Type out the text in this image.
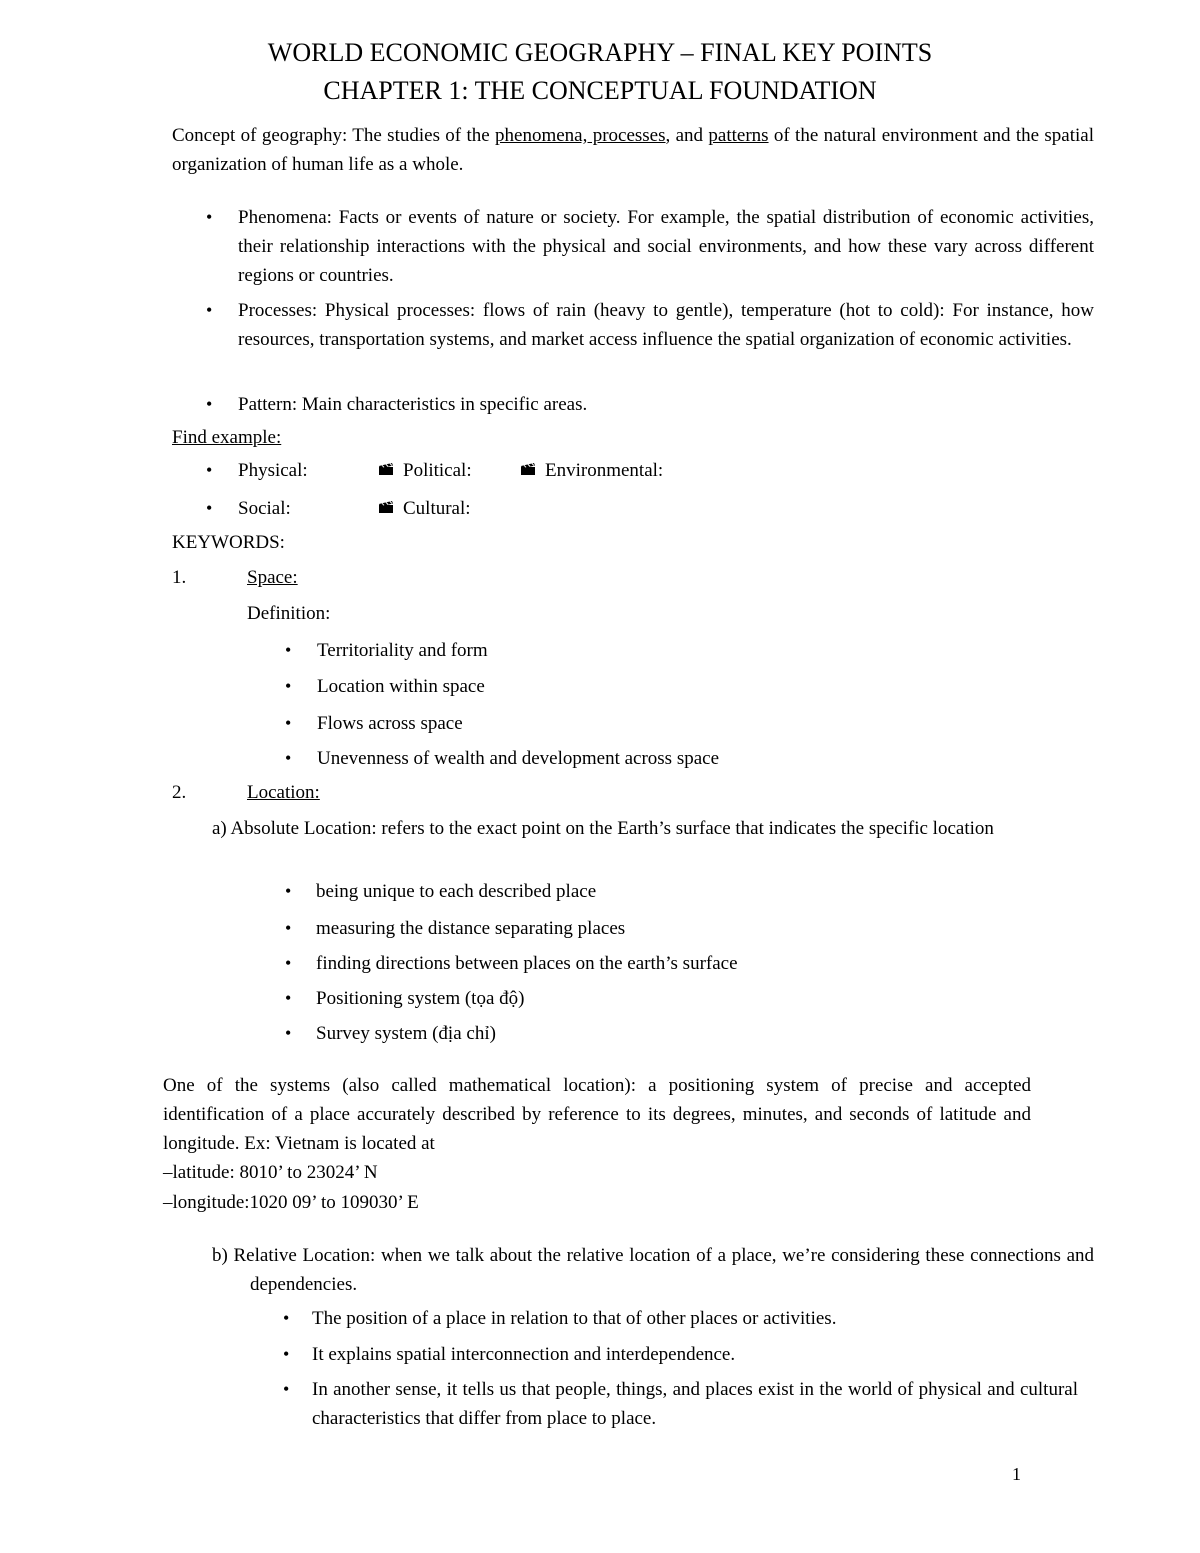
WORLD ECONOMIC GEOGRAPHY – FINAL KEY POINTS
CHAPTER 1: THE CONCEPTUAL FOUNDATION

Concept of geography: The studies of the phenomena, processes, and patterns of the natural environment and the spatial organization of human life as a whole.

• Phenomena: Facts or events of nature or society. For example, the spatial distribution of economic activities, their relationship interactions with the physical and social environments, and how these vary across different regions or countries.

• Processes: Physical processes: flows of rain (heavy to gentle), temperature (hot to cold): For instance, how resources, transportation systems, and market access influence the spatial organization of economic activities.

• Pattern: Main characteristics in specific areas.

Find example:
• Physical:	Political:	Environmental:
• Social:	Cultural:
KEYWORDS:
1.	Space:
Definition:
• Territoriality and form
• Location within space
• Flows across space
• Unevenness of wealth and development across space
2.	Location:

a) Absolute Location: refers to the exact point on the Earth’s surface that indicates the specific location

• being unique to each described place
• measuring the distance separating places
• finding directions between places on the earth’s surface
• Positioning system (tọa độ)
• Survey system (địa chỉ)

One of the systems (also called mathematical location): a positioning system of precise and accepted identification of a place accurately described by reference to its degrees, minutes, and seconds of latitude and longitude. Ex: Vietnam is located at

–latitude: 8010’ to 23024’ N
–longitude:1020 09’ to 109030’ E

b) Relative Location: when we talk about the relative location of a place, we’re considering these connections and dependencies.

• The position of a place in relation to that of other places or activities.
• It explains spatial interconnection and interdependence.
• In another sense, it tells us that people, things, and places exist in the world of physical and cultural characteristics that differ from place to place.

1
